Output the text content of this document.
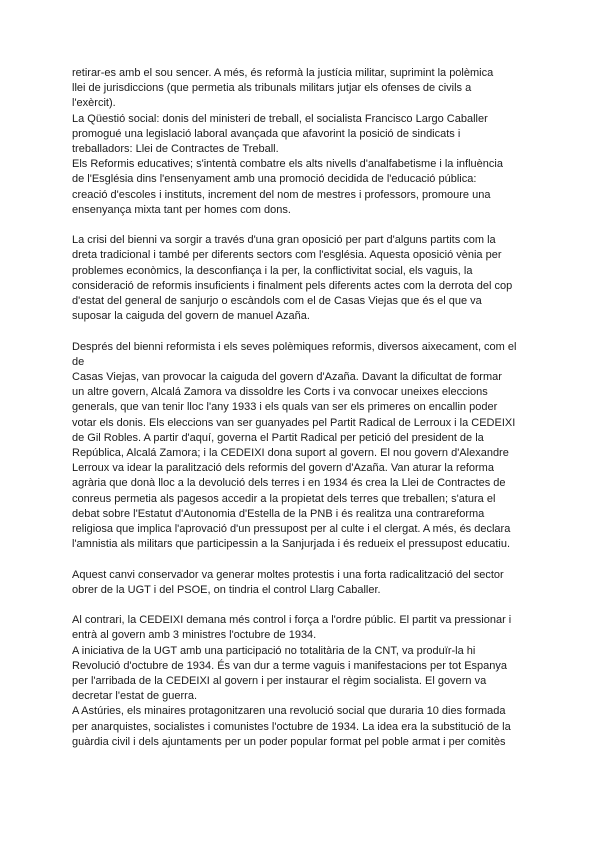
retirar-es amb el sou sencer. A més, és reformà la justícia militar, suprimint la polèmica
llei de jurisdiccions (que permetia als tribunals militars jutjar els ofenses de civils a
l'exèrcit).
La Qüestió social: donis del ministeri de treball, el socialista Francisco Largo Caballer
promogué una legislació laboral avançada que afavorint la posició de sindicats i
treballadors: Llei de Contractes de Treball.
Els Reformis educatives; s'intentà combatre els alts nivells d'analfabetisme i la influència
de l'Església dins l'ensenyament amb una promoció decidida de l'educació pública:
creació d'escoles i instituts, increment del nom de mestres i professors, promoure una
ensenyança mixta tant per homes com dons.
La crisi del bienni va sorgir a través d'una gran oposició per part d'alguns partits com la
dreta tradicional i també per diferents sectors com l'església. Aquesta oposició vènia per
problemes econòmics, la desconfiança i la per, la conflictivitat social, els vaguis, la
consideració de reformis insuficients i finalment pels diferents actes com la derrota del cop
d'estat del general de sanjurjo o escàndols com el de Casas Viejas que és el que va
suposar la caiguda del govern de manuel Azaña.
Després del bienni reformista i els seves polèmiques reformis, diversos aixecament, com el
de
Casas Viejas, van provocar la caiguda del govern d'Azaña. Davant la dificultat de formar
un altre govern, Alcalá Zamora va dissoldre les Corts i va convocar uneixes eleccions
generals, que van tenir lloc l'any 1933 i els quals van ser els primeres on encallin poder
votar els donis. Els eleccions van ser guanyades pel Partit Radical de Lerroux i la CEDEIXI
de Gil Robles. A partir d'aquí, governa el Partit Radical per petició del president de la
República, Alcalá Zamora; i la CEDEIXI dona suport al govern. El nou govern d'Alexandre
Lerroux va idear la paralització dels reformis del govern d'Azaña. Van aturar la reforma
agrària que donà lloc a la devolució dels terres i en 1934 és crea la Llei de Contractes de
conreus permetia als pagesos accedir a la propietat dels terres que treballen; s'atura el
debat sobre l'Estatut d'Autonomia d'Estella de la PNB i és realitza una contrareforma
religiosa que implica l'aprovació d'un pressupost per al culte i el clergat. A més, és declara
l'amnistia als militars que participessin a la Sanjurjada i és redueix el pressupost educatiu.
Aquest canvi conservador va generar moltes protestis i una forta radicalització del sector
obrer de la UGT i del PSOE, on tindria el control Llarg Caballer.
Al contrari, la CEDEIXI demana més control i força a l'ordre públic. El partit va pressionar i
entrà al govern amb 3 ministres l'octubre de 1934.
A iniciativa de la UGT amb una participació no totalitària de la CNT, va produïr-la hi
Revolució d'octubre de 1934. És van dur a terme vaguis i manifestacions per tot Espanya
per l'arribada de la CEDEIXI al govern i per instaurar el règim socialista. El govern va
decretar l'estat de guerra.
A Astúries, els minaires protagonitzaren una revolució social que duraria 10 dies formada
per anarquistes, socialistes i comunistes l'octubre de 1934. La idea era la substitució de la
guàrdia civil i dels ajuntaments per un poder popular format pel poble armat i per comitès
